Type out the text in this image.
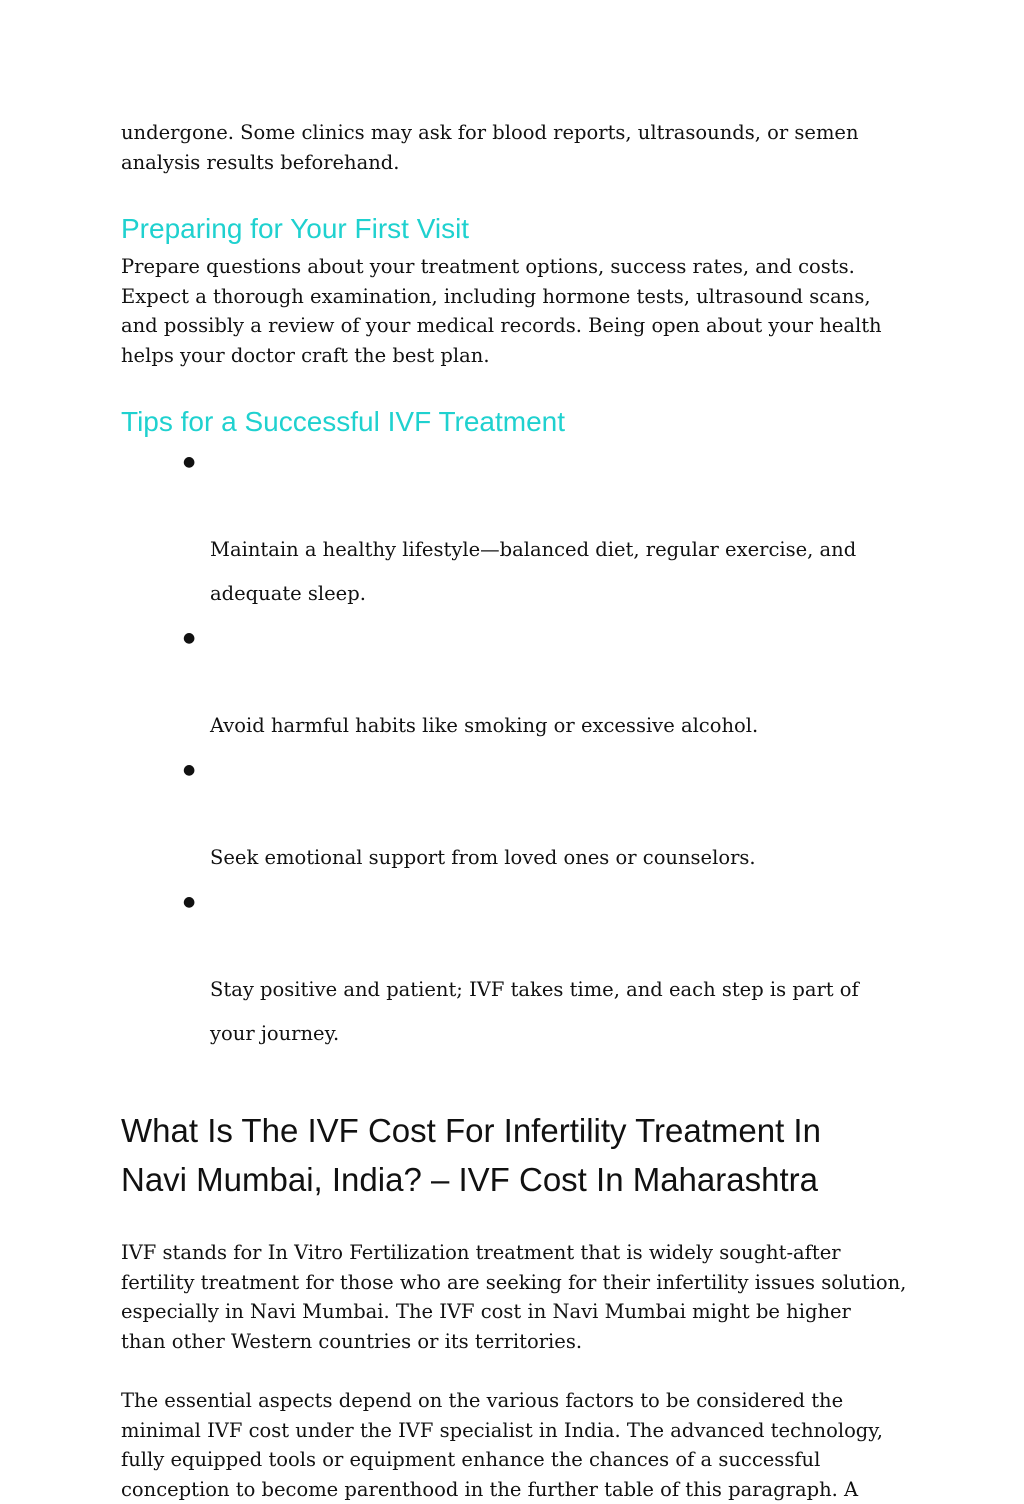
undergone. Some clinics may ask for blood reports, ultrasounds, or semen
analysis results beforehand.

Preparing for Your First Visit

Prepare questions about your treatment options, success rates, and costs.
Expect a thorough examination, including hormone tests, ultrasound scans,
and possibly a review of your medical records. Being open about your health
helps your doctor craft the best plan.

Tips for a Successful IVF Treatment

●

Maintain a healthy lifestyle—balanced diet, regular exercise, and
adequate sleep.

●

Avoid harmful habits like smoking or excessive alcohol.

●

Seek emotional support from loved ones or counselors.

●

Stay positive and patient; IVF takes time, and each step is part of
your journey.

What Is The IVF Cost For Infertility Treatment In
Navi Mumbai, India? – IVF Cost In Maharashtra

IVF stands for In Vitro Fertilization treatment that is widely sought-after
fertility treatment for those who are seeking for their infertility issues solution,
especially in Navi Mumbai. The IVF cost in Navi Mumbai might be higher
than other Western countries or its territories.

The essential aspects depend on the various factors to be considered the
minimal IVF cost under the IVF specialist in India. The advanced technology,
fully equipped tools or equipment enhance the chances of a successful
conception to become parenthood in the further table of this paragraph. A
